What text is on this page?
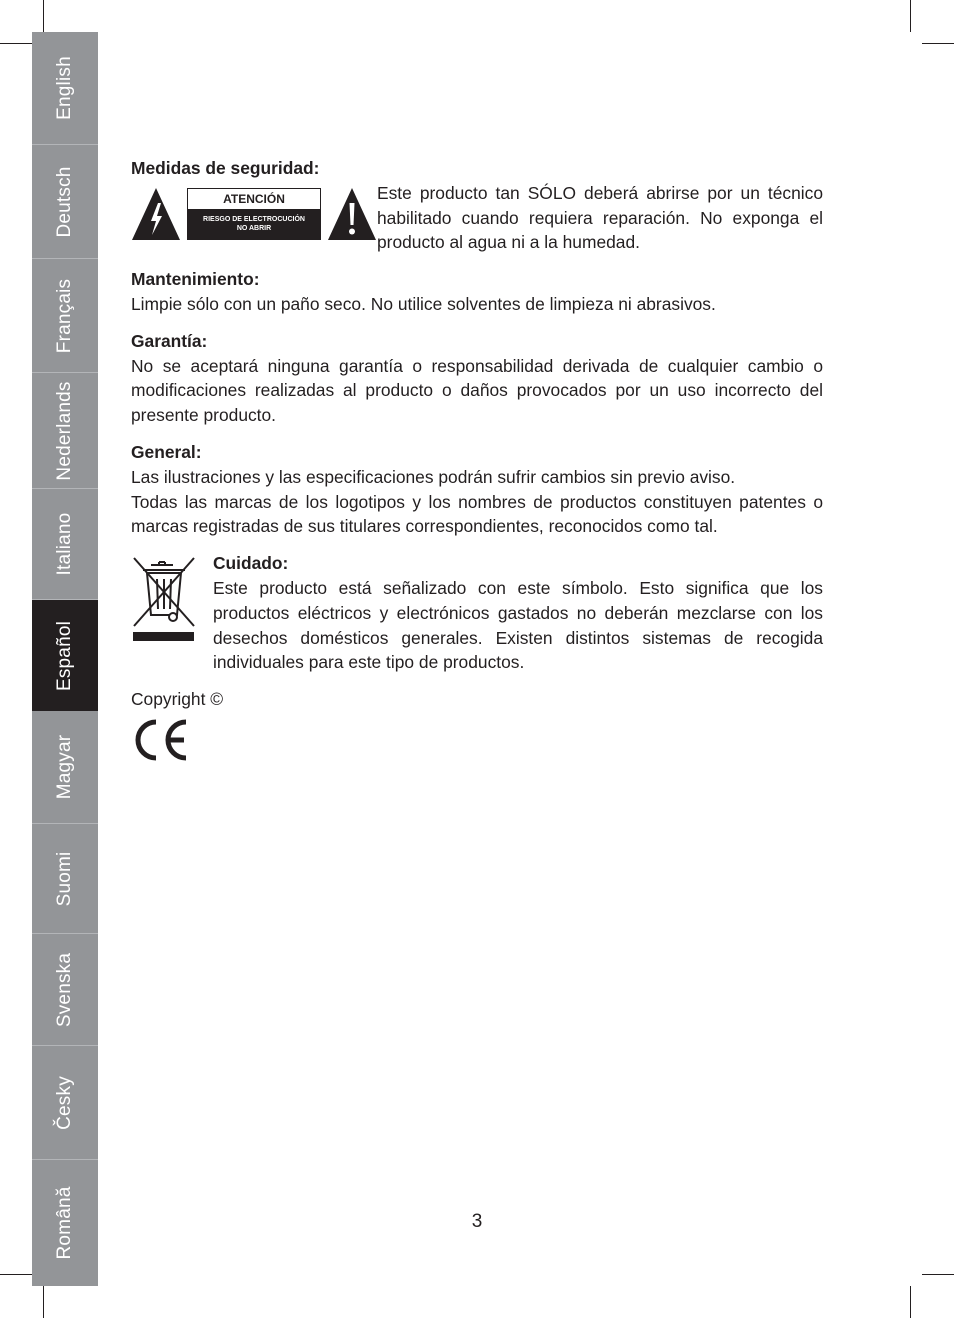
English
Deutsch
Français
Nederlands
Italiano
Español
Magyar
Suomi
Svenska
Česky
Română

Medidas de seguridad:

ATENCIÓN
RIESGO DE ELECTROCUCIÓN
NO ABRIR

Este producto tan SÓLO deberá abrirse por un técnico habilitado cuando requiera reparación. No exponga el producto al agua ni a la humedad.

Mantenimiento:

Limpie sólo con un paño seco. No utilice solventes de limpieza ni abrasivos.

Garantía:

No se aceptará ninguna garantía o responsabilidad derivada de cualquier cambio o modificaciones realizadas al producto o daños provocados por un uso incorrecto del presente producto.

General:

Las ilustraciones y las especificaciones podrán sufrir cambios sin previo aviso.

Todas las marcas de los logotipos y los nombres de productos constituyen patentes o marcas registradas de sus titulares correspondientes, reconocidos como tal.

Cuidado:

Este producto está señalizado con este símbolo. Esto significa que los productos eléctricos y electrónicos gastados no deberán mezclarse con los desechos domésticos generales. Existen distintos sistemas de recogida individuales para este tipo de productos.

Copyright ©

3
